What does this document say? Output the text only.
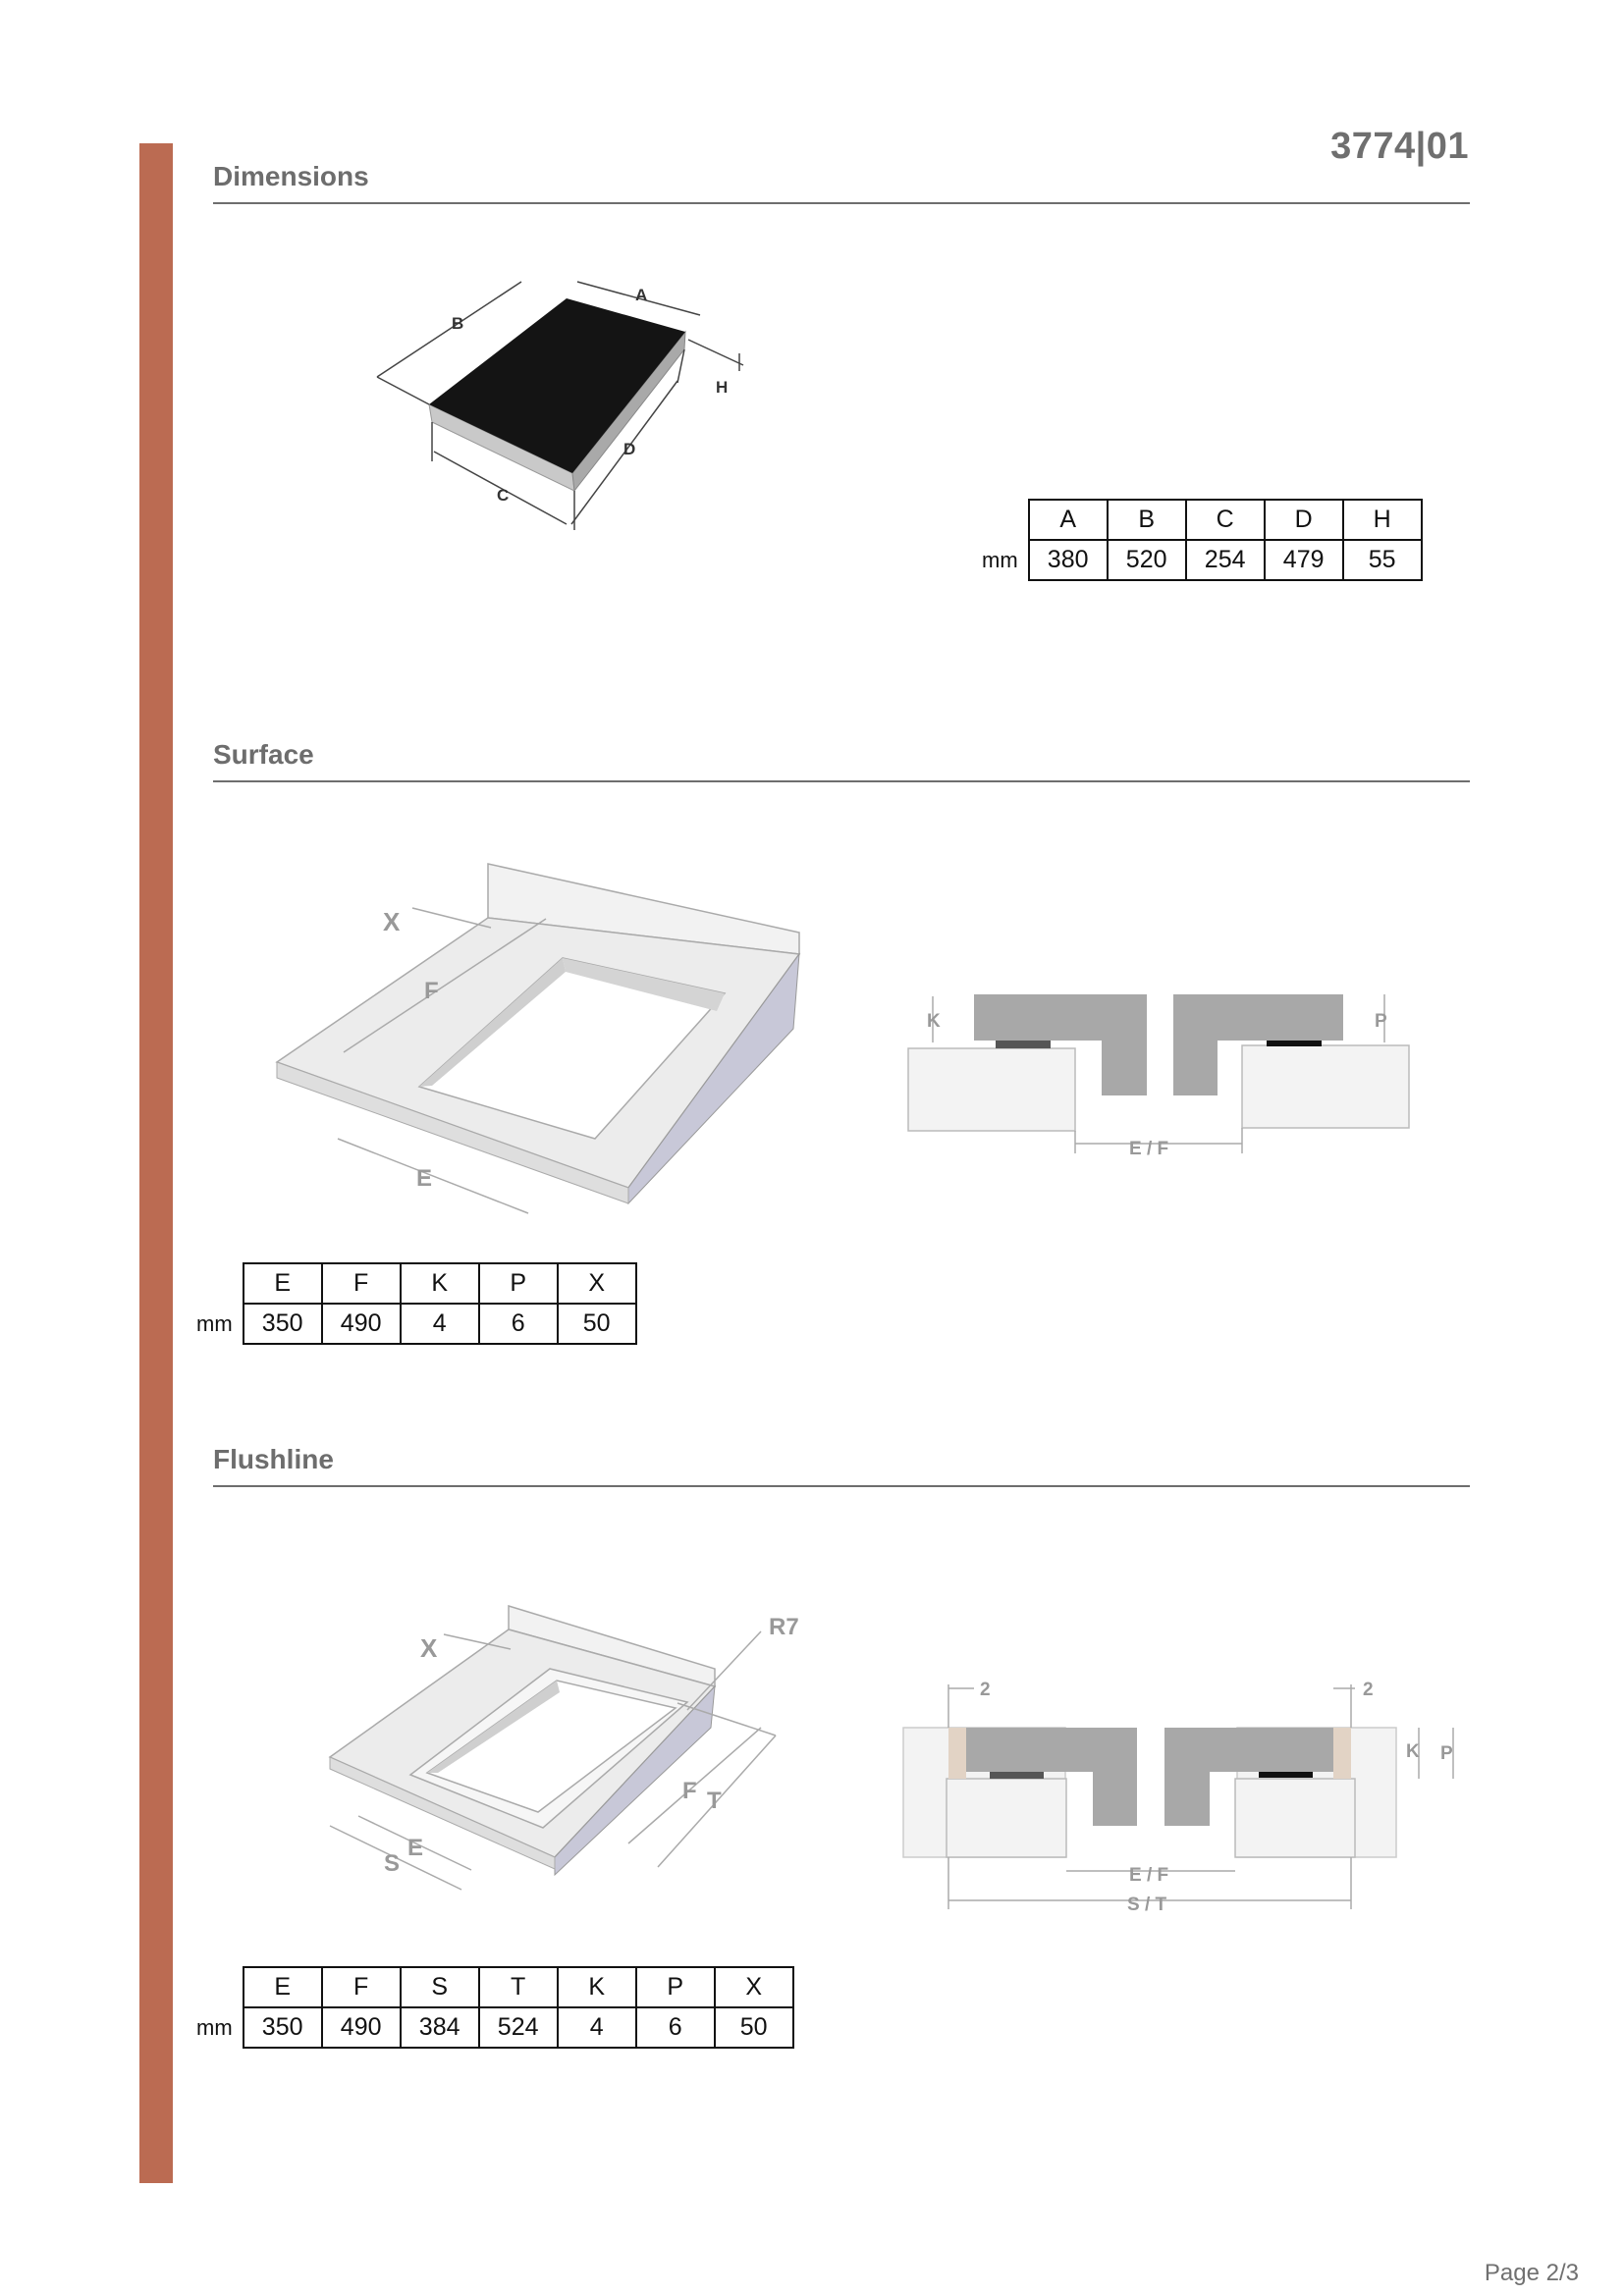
3774|01
Dimensions
B
A
H
D
C
	A	B	C	D	H
mm	380	520	254	479	55
Surface
X
F
E
K	P
E / F
	E	F	K	P	X
mm	350	490	4	6	50
Flushline
X
R7
F T
S
E
2	2
K P
E / F
S / T
	E	F	S	T	K	P	X
mm	350	490	384	524	4	6	50
Page 2/3
